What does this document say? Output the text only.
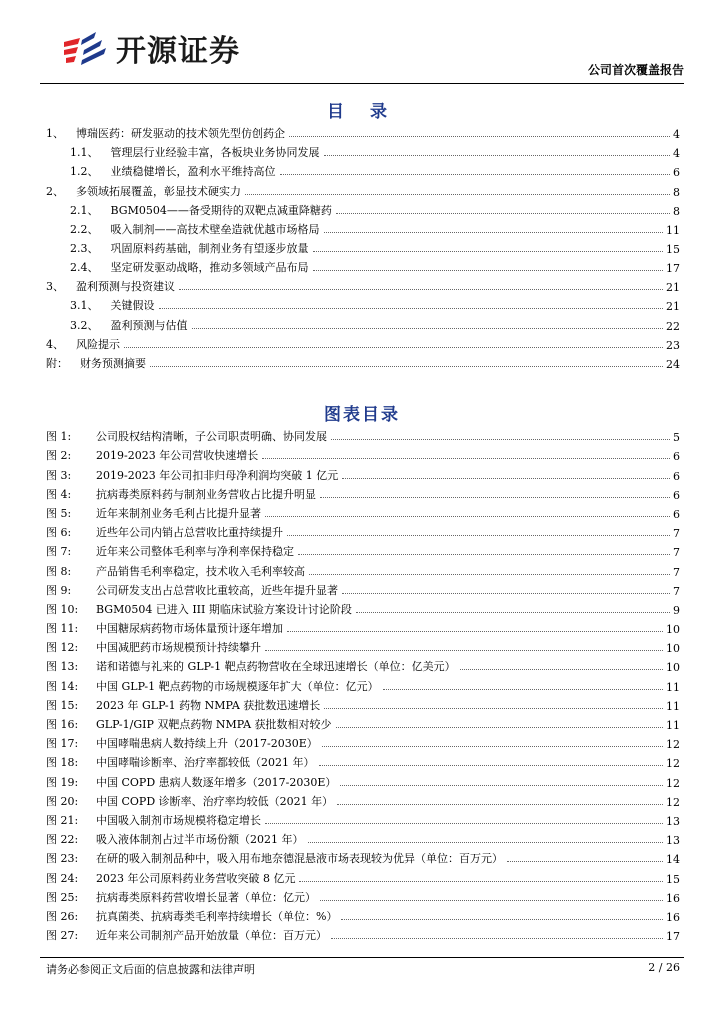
开源证券
公司首次覆盖报告
目 录
1、 博瑞医药：研发驱动的技术领先型仿创药企	4
1.1、 管理层行业经验丰富，各板块业务协同发展	4
1.2、 业绩稳健增长，盈利水平维持高位	6
2、 多领域拓展覆盖，彰显技术硬实力	8
2.1、 BGM0504——备受期待的双靶点减重降糖药	8
2.2、 吸入制剂——高技术壁垒造就优越市场格局	11
2.3、 巩固原料药基础，制剂业务有望逐步放量	15
2.4、 坚定研发驱动战略，推动多领域产品布局	17
3、 盈利预测与投资建议	21
3.1、 关键假设	21
3.2、 盈利预测与估值	22
4、 风险提示	23
附： 财务预测摘要	24
图表目录
图 1:	公司股权结构清晰，子公司职责明确、协同发展	5
图 2:	2019-2023 年公司营收快速增长	6
图 3:	2019-2023 年公司扣非归母净利润均突破 1 亿元	6
图 4:	抗病毒类原料药与制剂业务营收占比提升明显	6
图 5:	近年来制剂业务毛利占比提升显著	6
图 6:	近些年公司内销占总营收比重持续提升	7
图 7:	近年来公司整体毛利率与净利率保持稳定	7
图 8:	产品销售毛利率稳定，技术收入毛利率较高	7
图 9:	公司研发支出占总营收比重较高，近些年提升显著	7
图 10:	BGM0504 已进入 III 期临床试验方案设计讨论阶段	9
图 11:	中国糖尿病药物市场体量预计逐年增加	10
图 12:	中国减肥药市场规模预计持续攀升	10
图 13:	诺和诺德与礼来的 GLP-1 靶点药物营收在全球迅速增长（单位：亿美元）	10
图 14:	中国 GLP-1 靶点药物的市场规模逐年扩大（单位：亿元）	11
图 15:	2023 年 GLP-1 药物 NMPA 获批数迅速增长	11
图 16:	GLP-1/GIP 双靶点药物 NMPA 获批数相对较少	11
图 17:	中国哮喘患病人数持续上升（2017-2030E）	12
图 18:	中国哮喘诊断率、治疗率都较低（2021 年）	12
图 19:	中国 COPD 患病人数逐年增多（2017-2030E）	12
图 20:	中国 COPD 诊断率、治疗率均较低（2021 年）	12
图 21:	中国吸入制剂市场规模将稳定增长	13
图 22:	吸入液体制剂占过半市场份额（2021 年）	13
图 23:	在研的吸入制剂品种中，吸入用布地奈德混悬液市场表现较为优异（单位：百万元）	14
图 24:	2023 年公司原料药业务营收突破 8 亿元	15
图 25:	抗病毒类原料药营收增长显著（单位：亿元）	16
图 26:	抗真菌类、抗病毒类毛利率持续增长（单位：%）	16
图 27:	近年来公司制剂产品开始放量（单位：百万元）	17
请务必参阅正文后面的信息披露和法律声明	2 / 26
